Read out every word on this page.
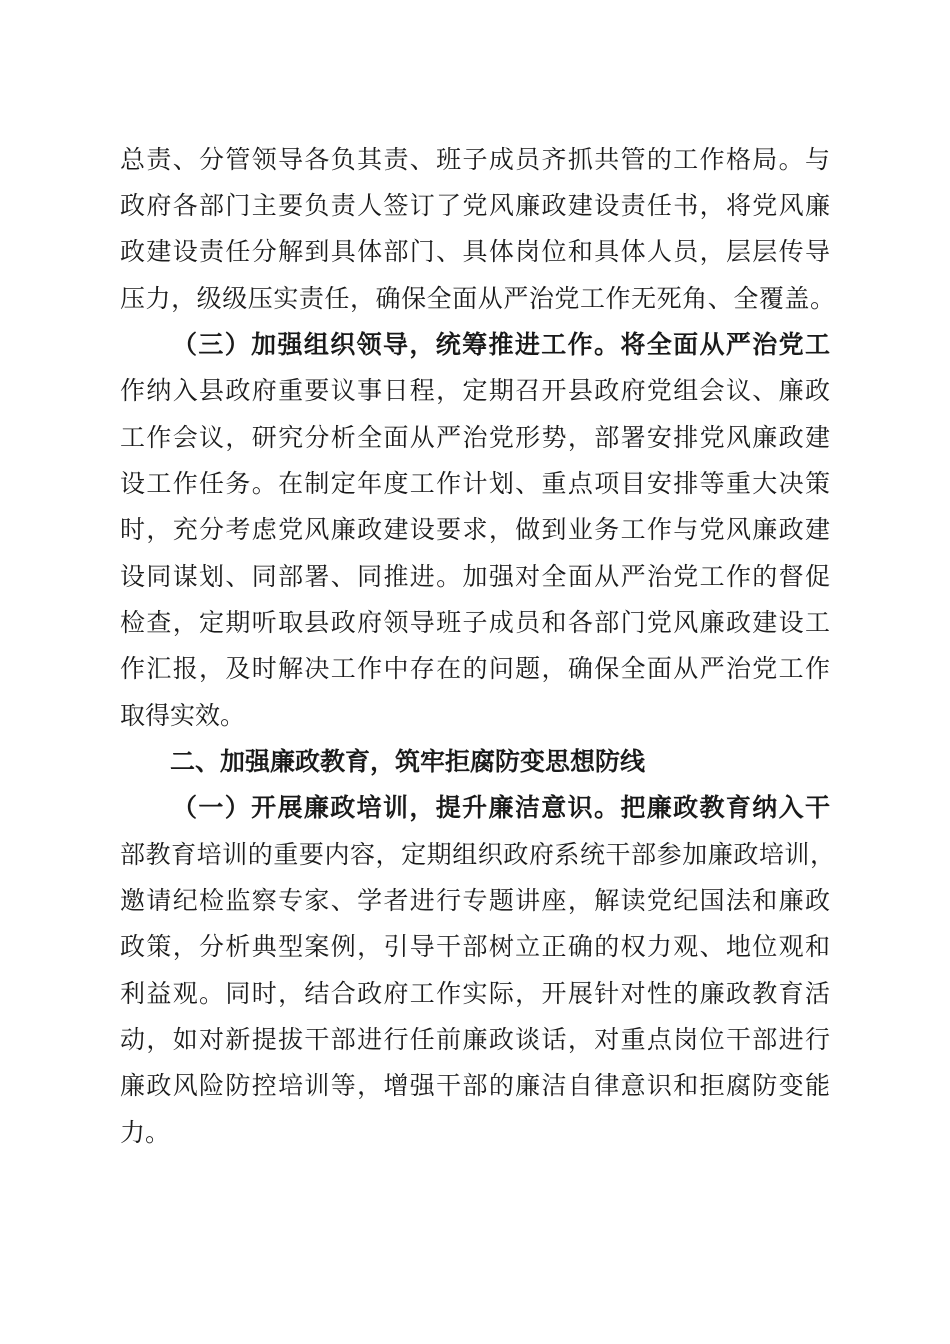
总责、分管领导各负其责、班子成员齐抓共管的工作格局。与
政府各部门主要负责人签订了党风廉政建设责任书，将党风廉
政建设责任分解到具体部门、具体岗位和具体人员，层层传导
压力，级级压实责任，确保全面从严治党工作无死角、全覆盖。
（三）加强组织领导，统筹推进工作。将全面从严治党工
作纳入县政府重要议事日程，定期召开县政府党组会议、廉政
工作会议，研究分析全面从严治党形势，部署安排党风廉政建
设工作任务。在制定年度工作计划、重点项目安排等重大决策
时，充分考虑党风廉政建设要求，做到业务工作与党风廉政建
设同谋划、同部署、同推进。加强对全面从严治党工作的督促
检查，定期听取县政府领导班子成员和各部门党风廉政建设工
作汇报，及时解决工作中存在的问题，确保全面从严治党工作
取得实效。
二、加强廉政教育，筑牢拒腐防变思想防线
（一）开展廉政培训，提升廉洁意识。把廉政教育纳入干
部教育培训的重要内容，定期组织政府系统干部参加廉政培训，
邀请纪检监察专家、学者进行专题讲座，解读党纪国法和廉政
政策，分析典型案例，引导干部树立正确的权力观、地位观和
利益观。同时，结合政府工作实际，开展针对性的廉政教育活
动，如对新提拔干部进行任前廉政谈话，对重点岗位干部进行
廉政风险防控培训等，增强干部的廉洁自律意识和拒腐防变能
力。
